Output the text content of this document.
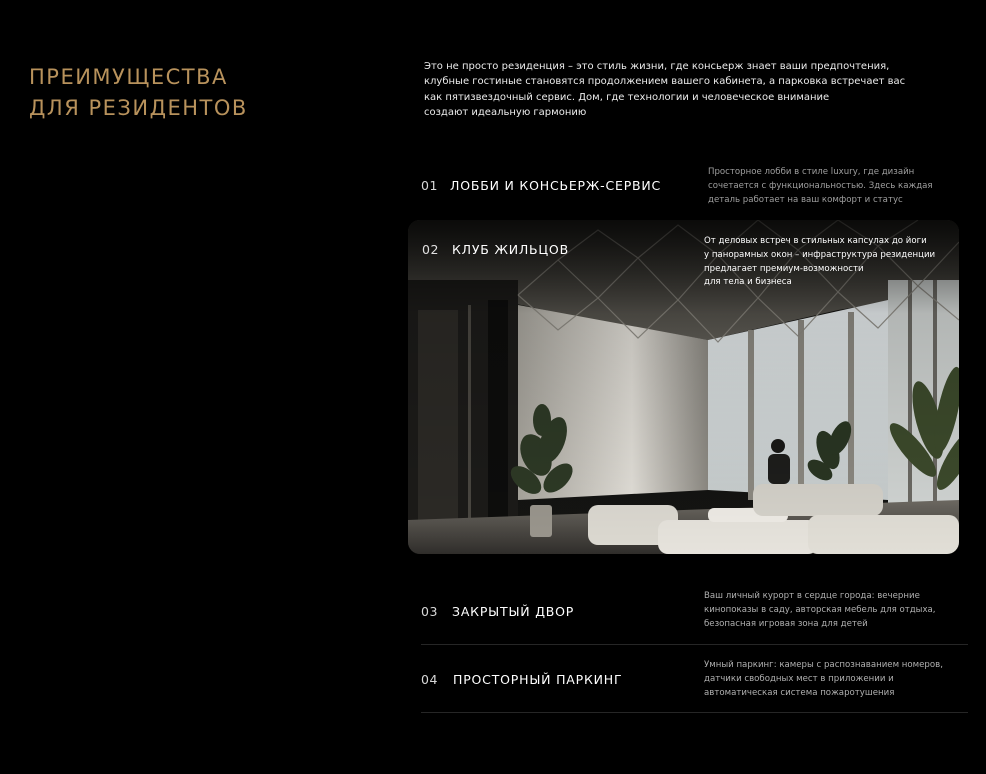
ПРЕИМУЩЕСТВА
ДЛЯ РЕЗИДЕНТОВ

Это не просто резиденция – это стиль жизни, где консьерж знает ваши предпочтения,
клубные гостиные становятся продолжением вашего кабинета, а парковка встречает вас
как пятизвездочный сервис. Дом, где технологии и человеческое внимание
создают идеальную гармонию

01 ЛОББИ И КОНСЬЕРЖ-СЕРВИС
Просторное лобби в стиле luxury, где дизайн
сочетается с функциональностью. Здесь каждая
деталь работает на ваш комфорт и статус
02 КЛУБ ЖИЛЬЦОВ
От деловых встреч в стильных капсулах до йоги
у панорамных окон – инфраструктура резиденции
предлагает премиум-возможности
для тела и бизнеса
03 ЗАКРЫТЫЙ ДВОР
Ваш личный курорт в сердце города: вечерние
кинопоказы в саду, авторская мебель для отдыха,
безопасная игровая зона для детей
04 ПРОСТОРНЫЙ ПАРКИНГ
Умный паркинг: камеры с распознаванием номеров,
датчики свободных мест в приложении и
автоматическая система пожаротушения
